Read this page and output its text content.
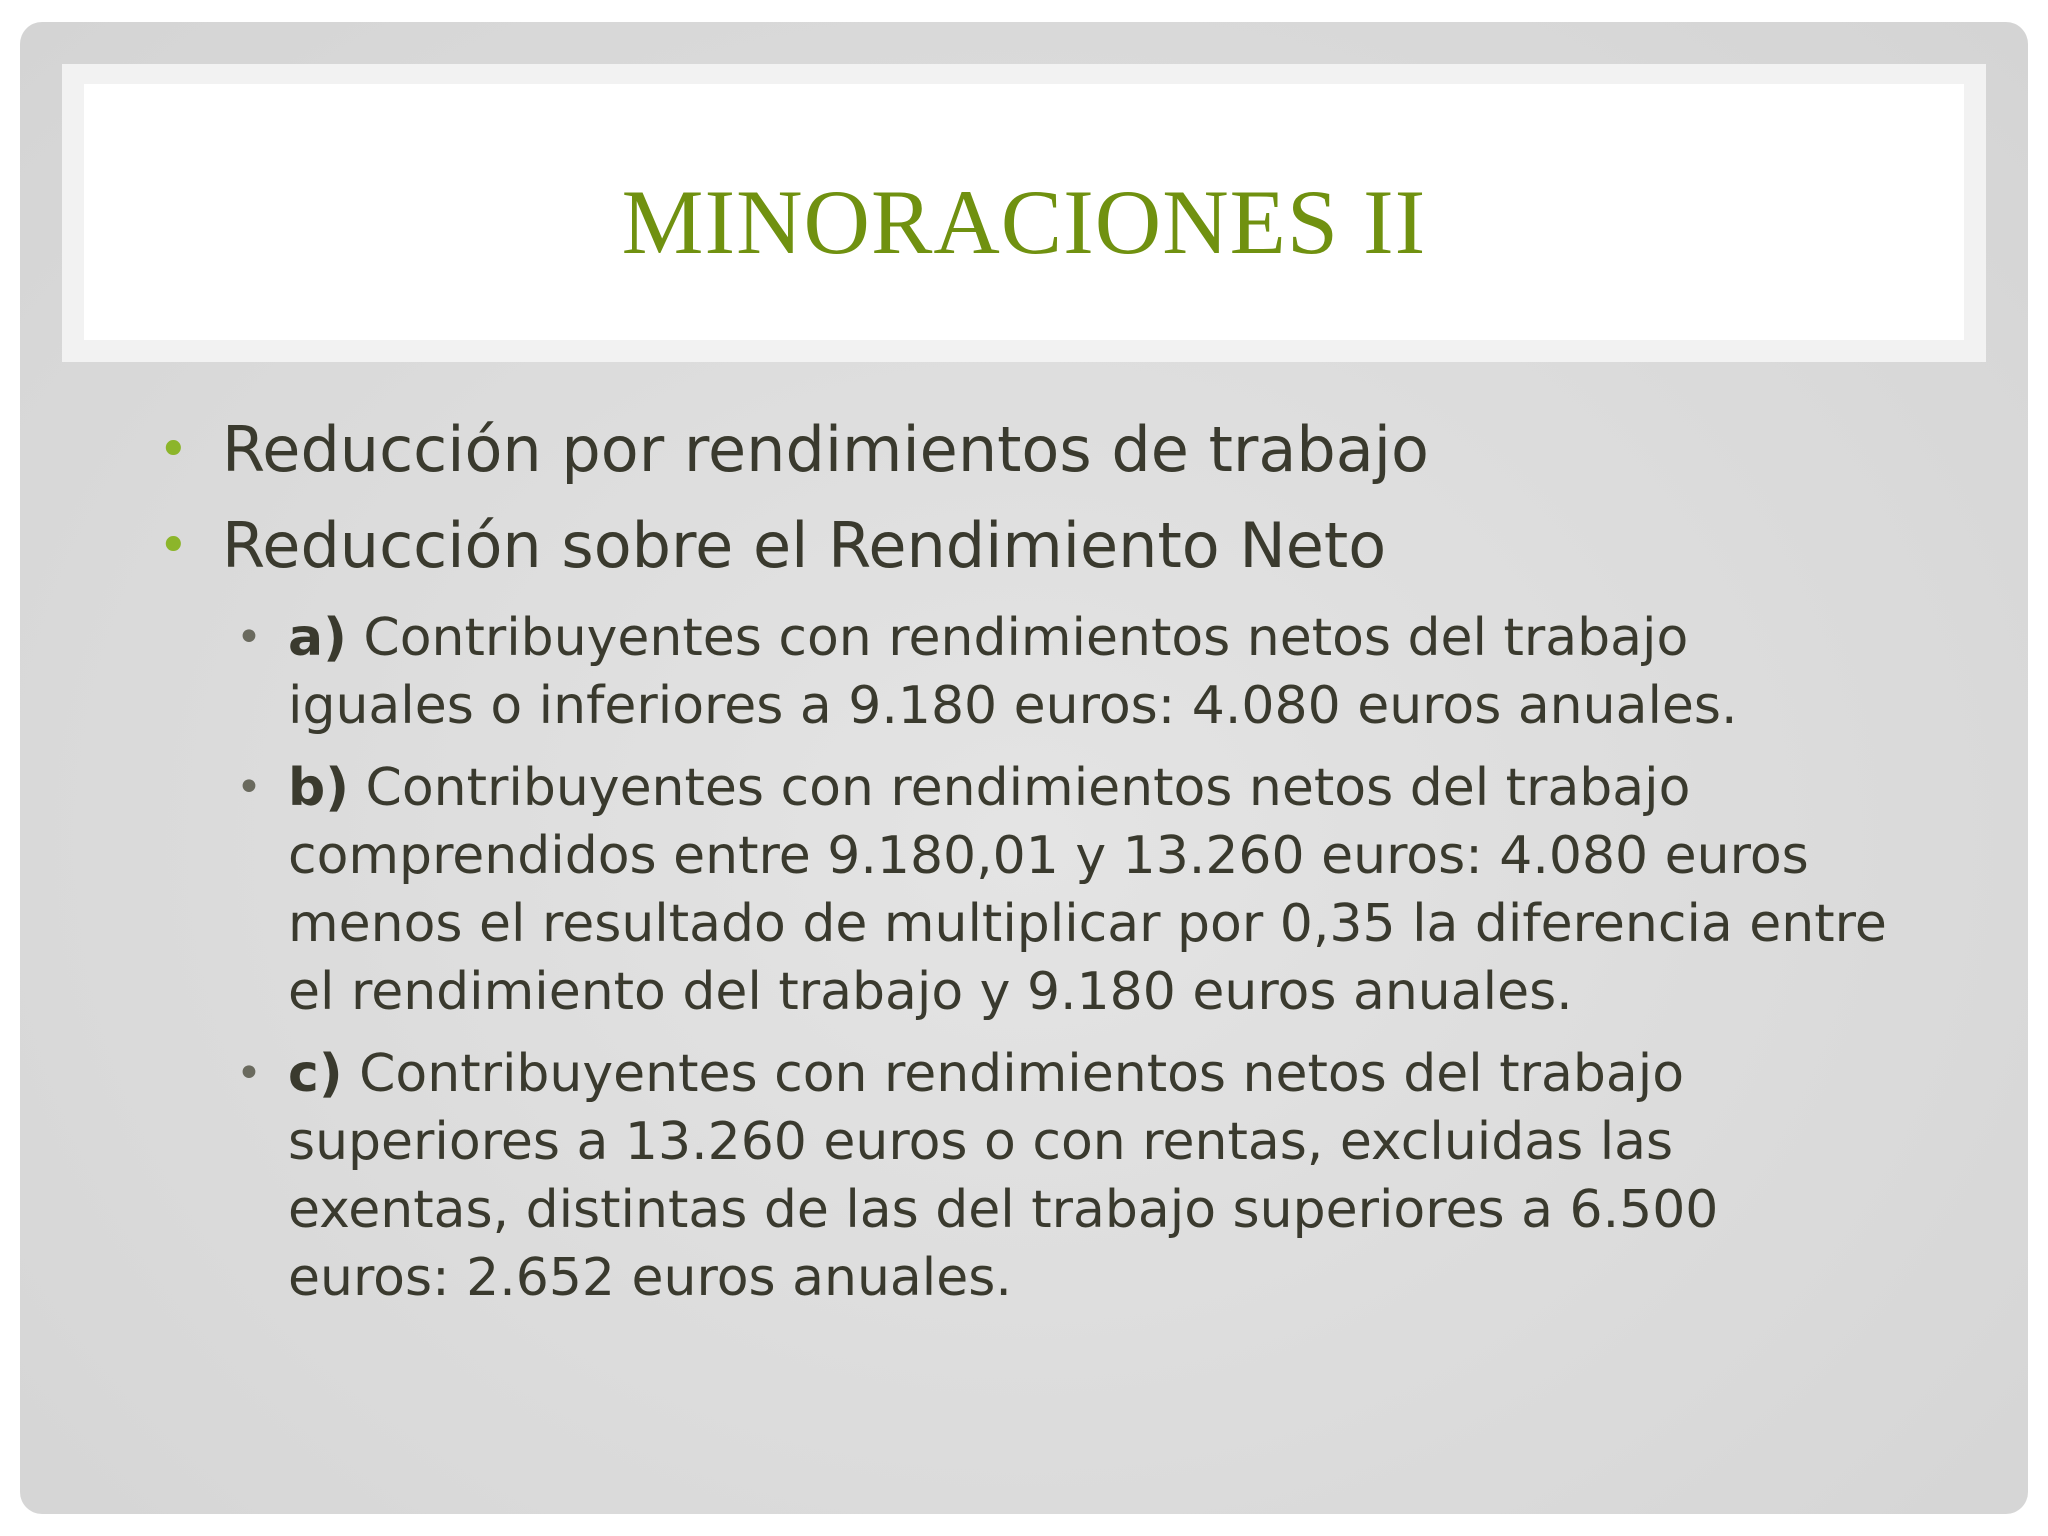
MINORACIONES II

• Reducción por rendimientos de trabajo

• Reducción sobre el Rendimiento Neto

• a) Contribuyentes con rendimientos netos del trabajo iguales o inferiores a 9.180 euros: 4.080 euros anuales.

• b) Contribuyentes con rendimientos netos del trabajo comprendidos entre 9.180,01 y 13.260 euros: 4.080 euros menos el resultado de multiplicar por 0,35 la diferencia entre el rendimiento del trabajo y 9.180 euros anuales.

• c) Contribuyentes con rendimientos netos del trabajo superiores a 13.260 euros o con rentas, excluidas las exentas, distintas de las del trabajo superiores a 6.500 euros: 2.652 euros anuales.
